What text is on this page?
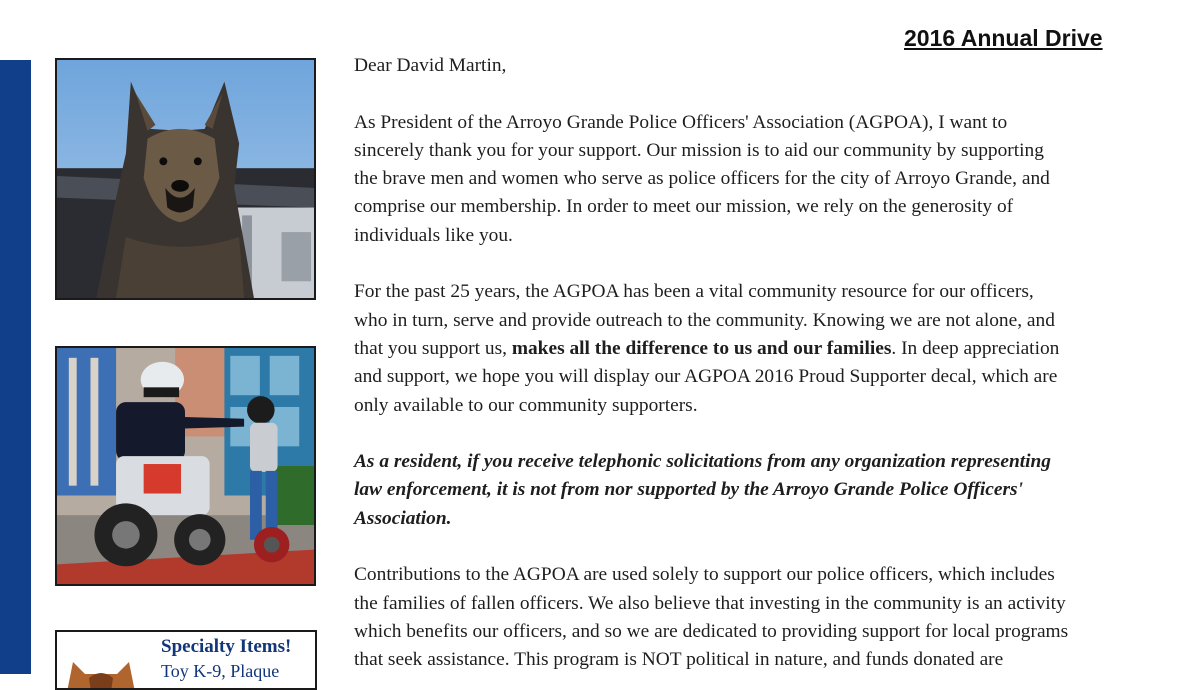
Specialty Items!
Toy K-9, Plaque
2016 Annual Drive
Dear David Martin,
As President of the Arroyo Grande Police Officers' Association (AGPOA), I want to
sincerely thank you for your support. Our mission is to aid our community by supporting
the brave men and women who serve as police officers for the city of Arroyo Grande, and
comprise our membership. In order to meet our mission, we rely on the generosity of
individuals like you.
For the past 25 years, the AGPOA has been a vital community resource for our officers,
who in turn, serve and provide outreach to the community. Knowing we are not alone, and
that you support us, makes all the difference to us and our families. In deep appreciation
and support, we hope you will display our AGPOA 2016 Proud Supporter decal, which are
only available to our community supporters.
As a resident, if you receive telephonic solicitations from any organization representing
law enforcement, it is not from nor supported by the Arroyo Grande Police Officers'
Association.
Contributions to the AGPOA are used solely to support our police officers, which includes
the families of fallen officers. We also believe that investing in the community is an activity
which benefits our officers, and so we are dedicated to providing support for local programs
that seek assistance. This program is NOT political in nature, and funds donated are
